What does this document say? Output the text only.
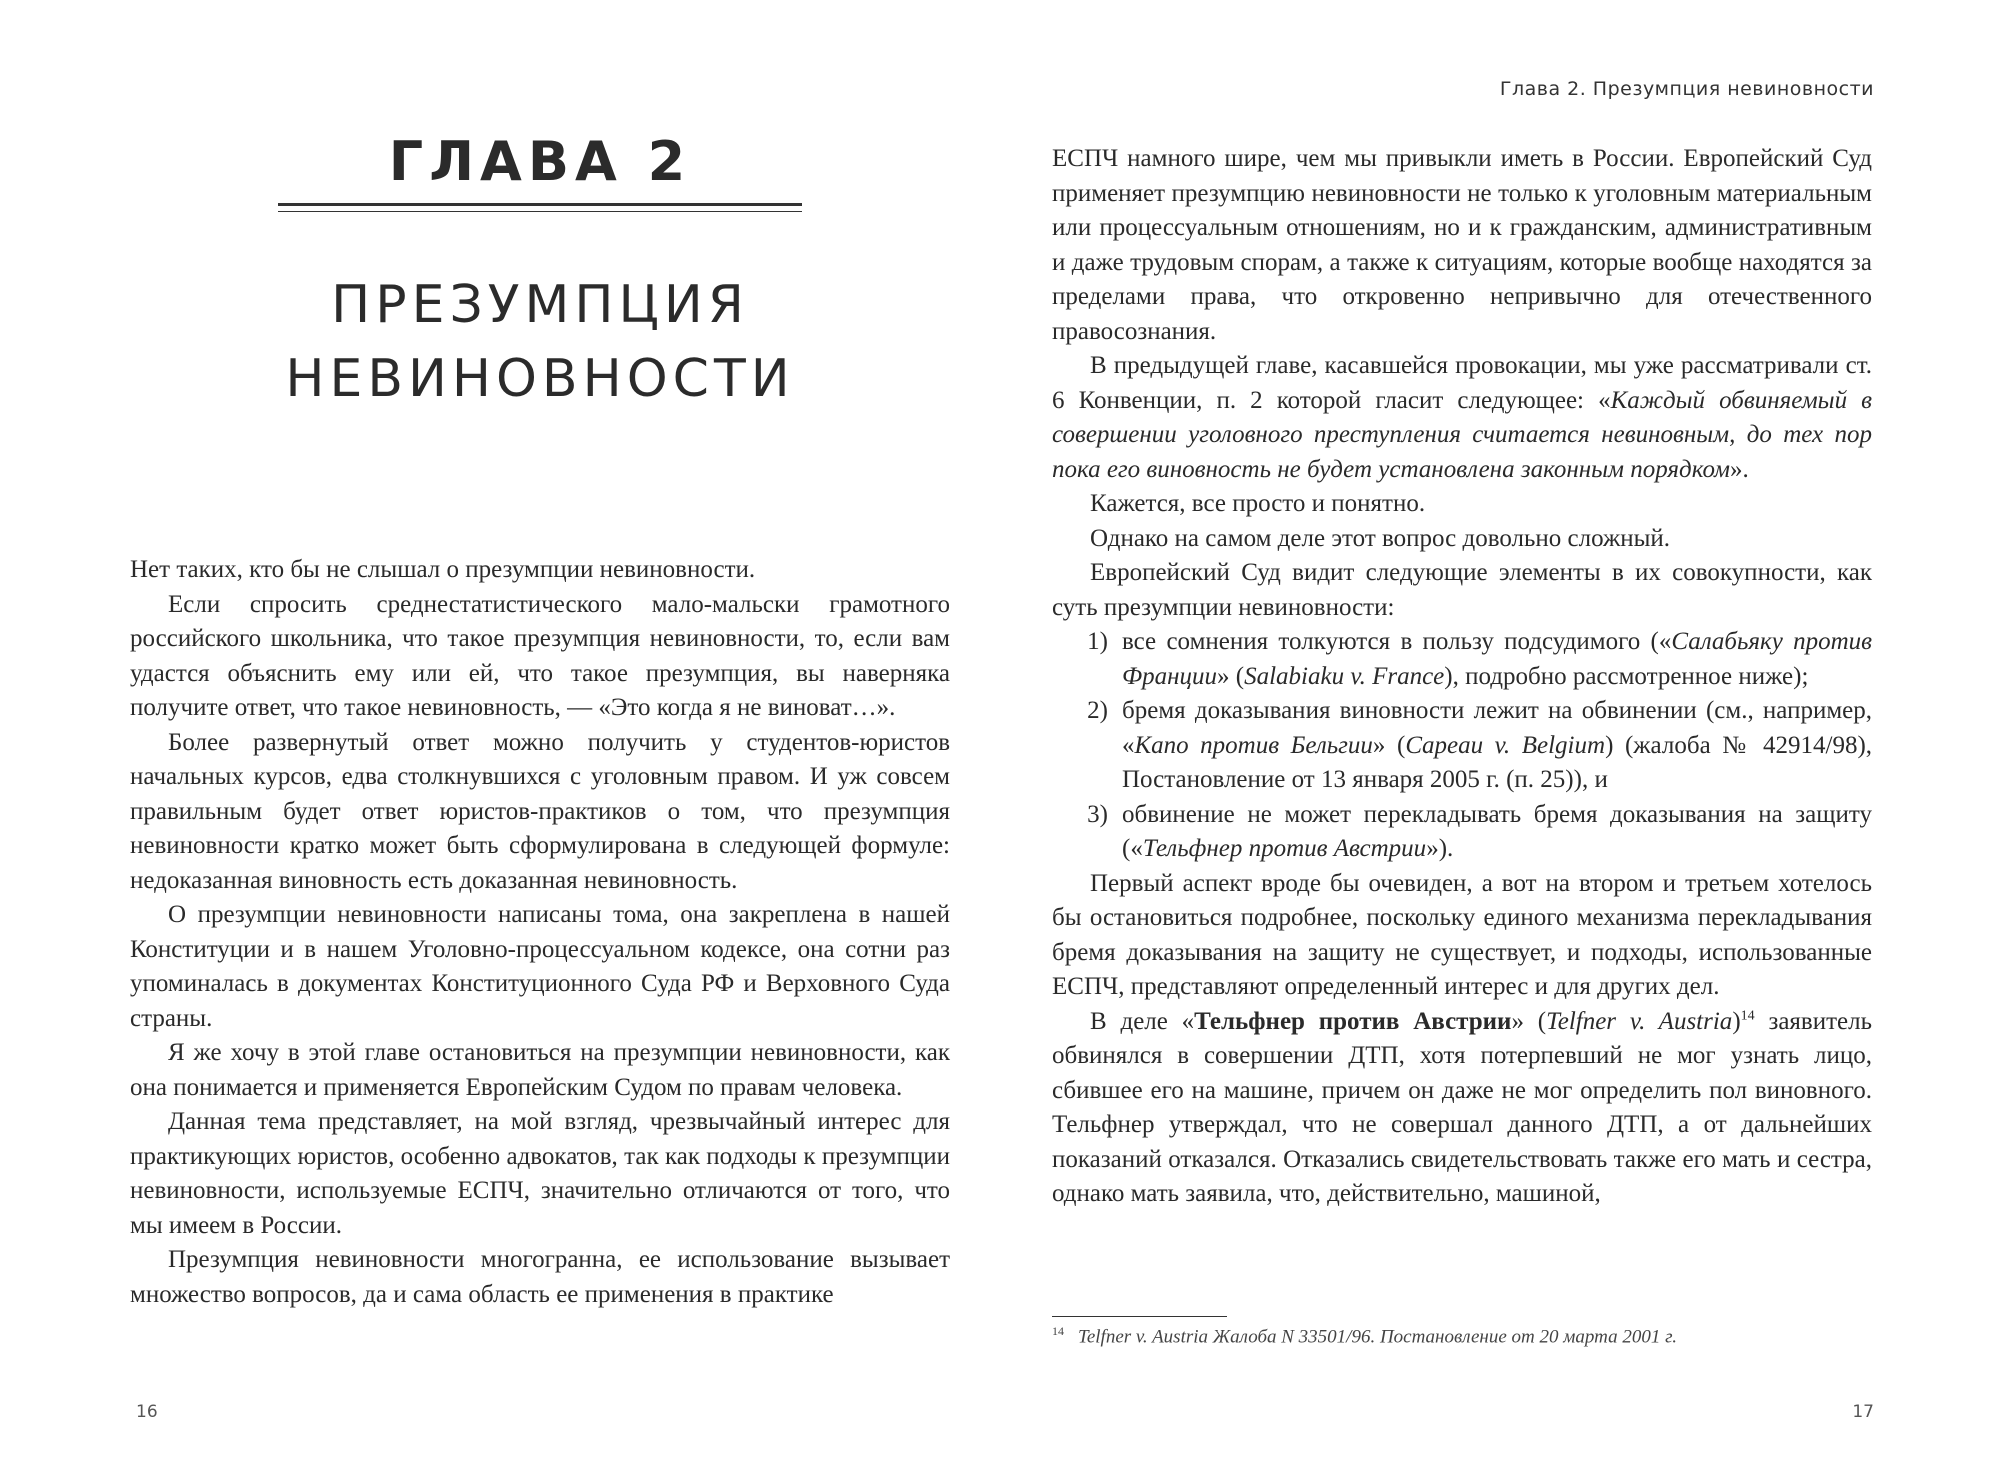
ГЛАВА 2
ПРЕЗУМПЦИЯ
НЕВИНОВНОСТИ

Нет таких, кто бы не слышал о презумпции невиновности.

Если спросить среднестатистического мало-мальски грамотного российского школьника, что такое презумпция невиновности, то, если вам удастся объяснить ему или ей, что такое презумпция, вы наверняка получите ответ, что такое невиновность, — «Это когда я не виноват…».

Более развернутый ответ можно получить у студентов-юристов начальных курсов, едва столкнувшихся с уголовным правом. И уж совсем правильным будет ответ юристов-практиков о том, что презумпция невиновности кратко может быть сформулирована в следующей формуле: недоказанная виновность есть доказанная невиновность.

О презумпции невиновности написаны тома, она закреплена в нашей Конституции и в нашем Уголовно-процессуальном кодексе, она сотни раз упоминалась в документах Конституционного Суда РФ и Верховного Суда страны.

Я же хочу в этой главе остановиться на презумпции невиновности, как она понимается и применяется Европейским Судом по правам человека.

Данная тема представляет, на мой взгляд, чрезвычайный интерес для практикующих юристов, особенно адвокатов, так как подходы к презумпции невиновности, используемые ЕСПЧ, значительно отличаются от того, что мы имеем в России.

Презумпция невиновности многогранна, ее использование вызывает множество вопросов, да и сама область ее применения в практике

16
Глава 2. Презумпция невиновности

ЕСПЧ намного шире, чем мы привыкли иметь в России. Европейский Суд применяет презумпцию невиновности не только к уголовным материальным или процессуальным отношениям, но и к гражданским, административным и даже трудовым спорам, а также к ситуациям, которые вообще находятся за пределами права, что откровенно непривычно для отечественного правосознания.

В предыдущей главе, касавшейся провокации, мы уже рассматривали ст. 6 Конвенции, п. 2 которой гласит следующее: «Каждый обвиняемый в совершении уголовного преступления считается невиновным, до тех пор пока его виновность не будет установлена законным порядком».

Кажется, все просто и понятно.

Однако на самом деле этот вопрос довольно сложный.

Европейский Суд видит следующие элементы в их совокупности, как суть презумпции невиновности:

1) все сомнения толкуются в пользу подсудимого («Салабьяку против Франции» (Salabiaku v. France), подробно рассмотренное ниже);
2) бремя доказывания виновности лежит на обвинении (см., например, «Капо против Бельгии» (Capeau v. Belgium) (жалоба № 42914/98), Постановление от 13 января 2005 г. (п. 25)), и
3) обвинение не может перекладывать бремя доказывания на защиту («Тельфнер против Австрии»).

Первый аспект вроде бы очевиден, а вот на втором и третьем хотелось бы остановиться подробнее, поскольку единого механизма перекладывания бремя доказывания на защиту не существует, и подходы, использованные ЕСПЧ, представляют определенный интерес и для других дел.

В деле «Тельфнер против Австрии» (Telfner v. Austria)$^{14}$ заявитель обвинялся в совершении ДТП, хотя потерпевший не мог узнать лицо, сбившее его на машине, причем он даже не мог определить пол виновного. Тельфнер утверждал, что не совершал данного ДТП, а от дальнейших показаний отказался. Отказались свидетельствовать также его мать и сестра, однако мать заявила, что, действительно, машиной,

$^{14}$ Telfner v. Austria Жалоба N 33501/96. Постановление от 20 марта 2001 г.
17
